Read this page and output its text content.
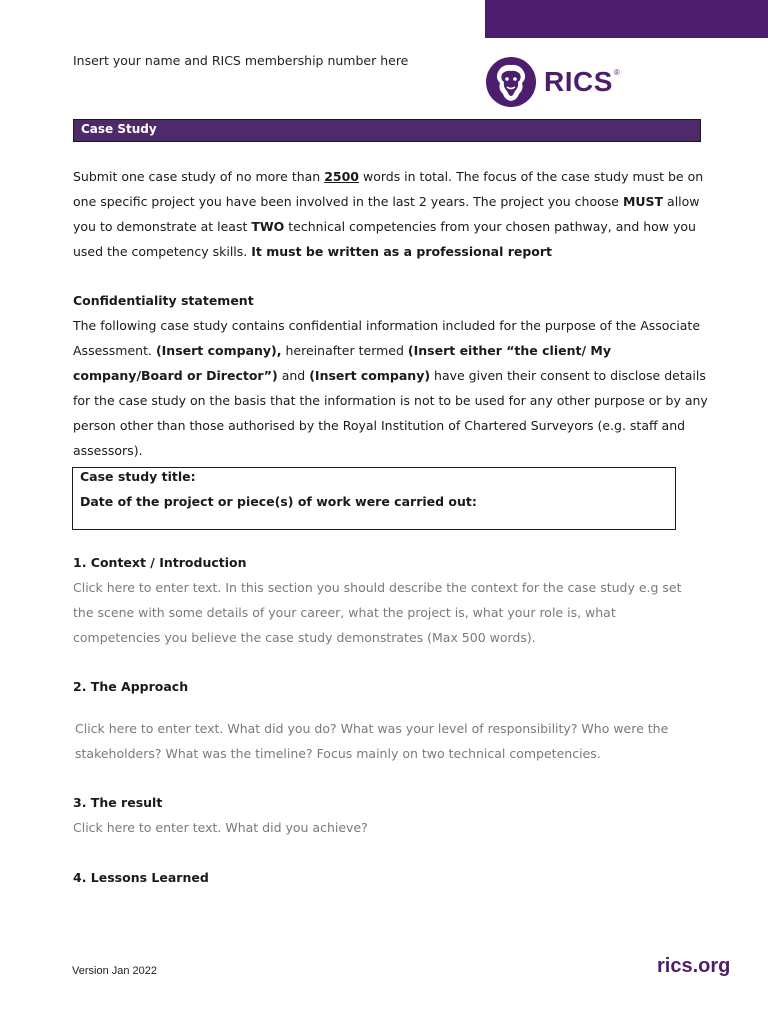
Insert your name and RICS membership number here
RICS ®
Case Study
Submit one case study of no more than 2500 words in total. The focus of the case study must be on one specific project you have been involved in the last 2 years. The project you choose MUST allow you to demonstrate at least TWO technical competencies from your chosen pathway, and how you used the competency skills. It must be written as a professional report
Confidentiality statement
The following case study contains confidential information included for the purpose of the Associate Assessment. (Insert company), hereinafter termed (Insert either “the client/ My company/Board or Director”) and (Insert company) have given their consent to disclose details for the case study on the basis that the information is not to be used for any other purpose or by any person other than those authorised by the Royal Institution of Chartered Surveyors (e.g. staff and assessors).
Case study title:
Date of the project or piece(s) of work were carried out:
1. Context / Introduction
Click here to enter text. In this section you should describe the context for the case study e.g set the scene with some details of your career, what the project is, what your role is, what competencies you believe the case study demonstrates (Max 500 words).
2. The Approach
Click here to enter text. What did you do? What was your level of responsibility? Who were the stakeholders? What was the timeline? Focus mainly on two technical competencies.
3. The result
Click here to enter text. What did you achieve?
4. Lessons Learned
Version Jan 2022	rics.org
